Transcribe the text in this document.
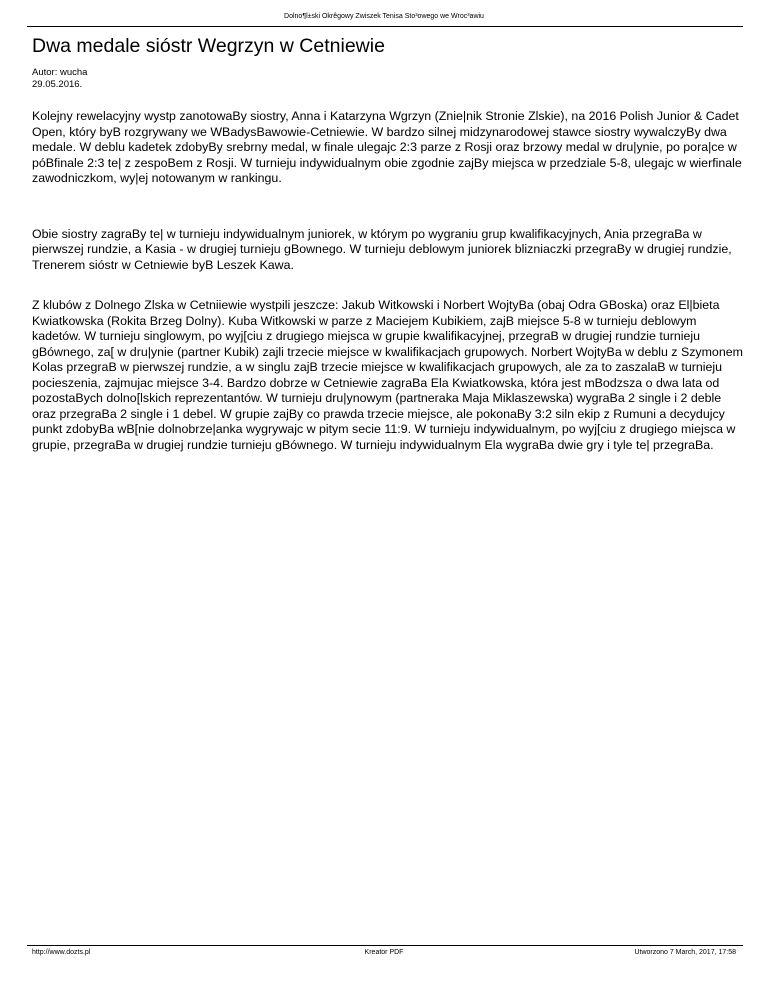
Dolno¶l±ski Okrêgowy Zwiszek Tenisa Sto³owego we Wroc³awiu
Dwa medale sióstr Wegrzyn w Cetniewie
Autor: wucha
29.05.2016.

Kolejny rewelacyjny wystp zanotowaBy siostry, Anna i Katarzyna Wgrzyn (Znie|nik Stronie Zlskie), na 2016 Polish Junior & Cadet Open, który byB rozgrywany we WBadysBawowie-Cetniewie. W bardzo silnej midzynarodowej stawce siostry wywalczyBy dwa medale. W deblu kadetek zdobyBy srebrny medal, w finale ulegajc 2:3 parze z Rosji oraz brzowy medal w dru|ynie, po pora|ce w póBfinale 2:3 te| z zespoBem z Rosji. W turnieju indywidualnym obie zgodnie zajBy miejsca w przedziale 5-8, ulegajc w wierfinale zawodniczkom, wy|ej notowanym w rankingu.

Obie siostry zagraBy te| w turnieju indywidualnym juniorek, w którym po wygraniu grup kwalifikacyjnych, Ania przegraBa w pierwszej rundzie, a Kasia - w drugiej turnieju gBownego. W turnieju deblowym juniorek blizniaczki przegraBy w drugiej rundzie, Trenerem sióstr w Cetniewie byB Leszek Kawa.

Z klubów z Dolnego Zlska w Cetniiewie wystpili jeszcze: Jakub Witkowski i Norbert WojtyBa (obaj Odra GBoska) oraz El|bieta Kwiatkowska (Rokita Brzeg Dolny). Kuba Witkowski w parze z Maciejem Kubikiem, zajB miejsce 5-8 w turnieju deblowym kadetów. W turnieju singlowym, po wyj[ciu z drugiego miejsca w grupie kwalifikacyjnej, przegraB w drugiej rundzie turnieju gBównego, za[ w dru|ynie (partner Kubik) zajli trzecie miejsce w kwalifikacjach grupowych. Norbert WojtyBa w deblu z Szymonem Kolas przegraB w pierwszej rundzie, a w singlu zajB trzecie miejsce w kwalifikacjach grupowych, ale za to zaszalaB w turnieju pocieszenia, zajmujac miejsce 3-4. Bardzo dobrze w Cetniewie zagraBa Ela Kwiatkowska, która jest mBodzsza o dwa lata od pozostaBych dolno[lskich reprezentantów. W turnieju dru|ynowym (partneraka Maja Miklaszewska) wygraBa 2 single i 2 deble oraz przegraBa 2 single i 1 debel. W grupie zajBy co prawda trzecie miejsce, ale pokonaBy 3:2 siln ekip z Rumuni a decydujcy punkt zdobyBa wB[nie dolnobrze|anka wygrywajc w pitym secie 11:9. W turnieju indywidualnym, po wyj[ciu z drugiego miejsca w grupie, przegraBa w drugiej rundzie turnieju gBównego. W turnieju indywidualnym Ela wygraBa dwie gry i tyle te| przegraBa.

http://www.dozts.pl	Kreator PDF	Utworzono 7 March, 2017, 17:58
